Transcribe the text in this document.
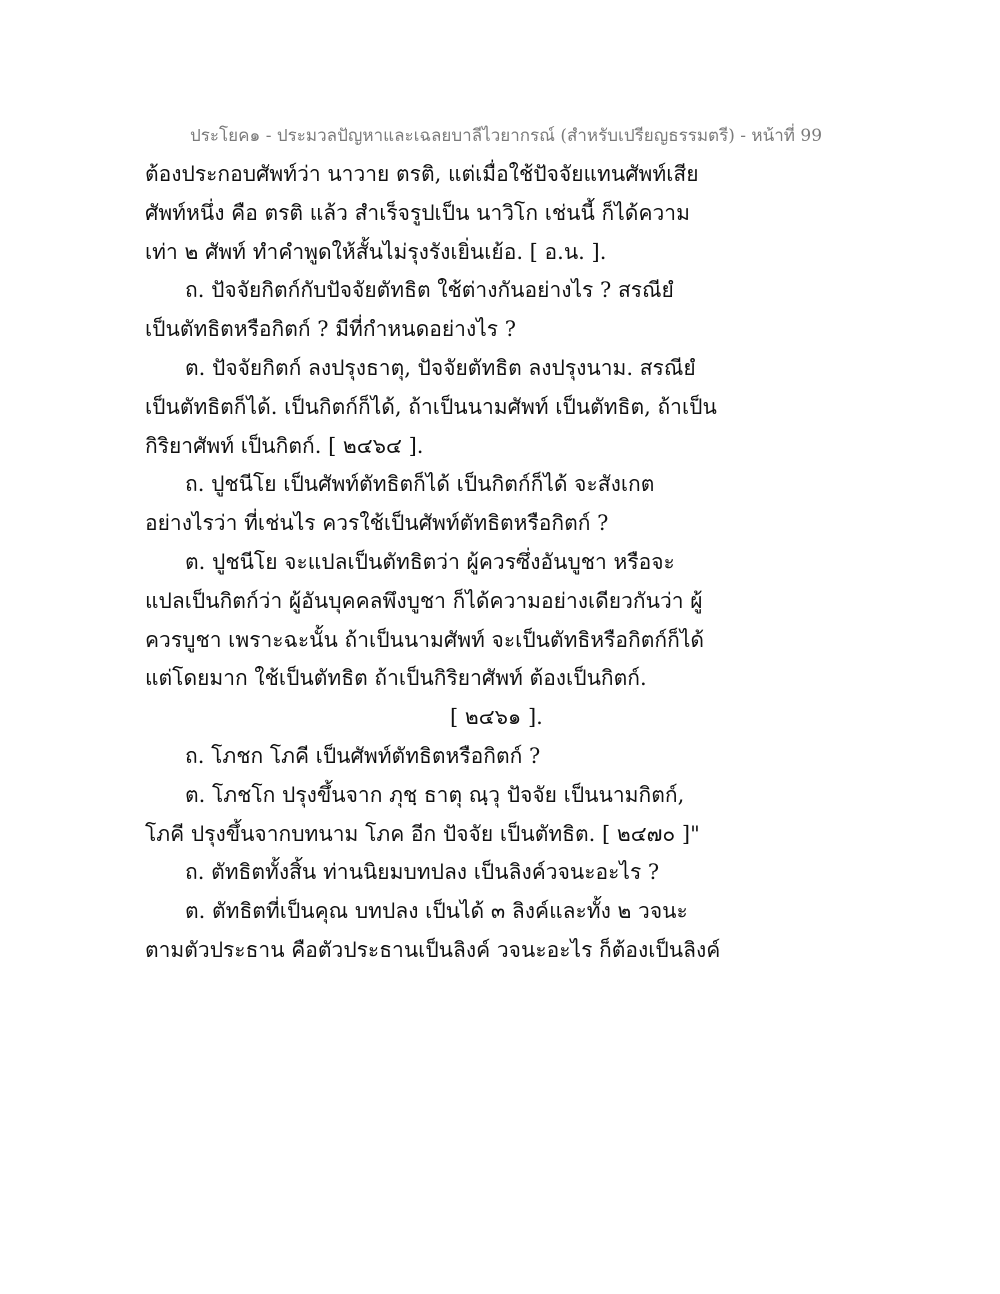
ประโยค๑ - ประมวลปัญหาและเฉลยบาลีไวยากรณ์ (สำหรับเปรียญธรรมตรี) - หน้าที่ 99
ต้องประกอบศัพท์ว่า นาวาย ตรติ, แต่เมื่อใช้ปัจจัยแทนศัพท์เสีย
ศัพท์หนึ่ง คือ ตรติ แล้ว สำเร็จรูปเป็น นาวิโก เช่นนี้ ก็ได้ความ
เท่า ๒ ศัพท์ ทำคำพูดให้สั้นไม่รุงรังเยิ่นเย้อ. [ อ.น. ].
ถ. ปัจจัยกิตก์กับปัจจัยตัทธิต ใช้ต่างกันอย่างไร ? สรณียํ
เป็นตัทธิตหรือกิตก์ ? มีที่กำหนดอย่างไร ?
ต. ปัจจัยกิตก์ ลงปรุงธาตุ, ปัจจัยตัทธิต ลงปรุงนาม. สรณียํ
เป็นตัทธิตก็ได้. เป็นกิตก์ก็ได้, ถ้าเป็นนามศัพท์ เป็นตัทธิต, ถ้าเป็น
กิริยาศัพท์ เป็นกิตก์. [ ๒๔๖๔ ].
ถ. ปูชนีโย เป็นศัพท์ตัทธิตก็ได้ เป็นกิตก์ก็ได้ จะสังเกต
อย่างไรว่า ที่เช่นไร ควรใช้เป็นศัพท์ตัทธิตหรือกิตก์ ?
ต. ปูชนีโย จะแปลเป็นตัทธิตว่า ผู้ควรซึ่งอันบูชา หรือจะ
แปลเป็นกิตก์ว่า ผู้อันบุคคลพึงบูชา ก็ได้ความอย่างเดียวกันว่า ผู้
ควรบูชา เพราะฉะนั้น ถ้าเป็นนามศัพท์ จะเป็นตัทธิหรือกิตก์ก็ได้
แต่โดยมาก ใช้เป็นตัทธิต ถ้าเป็นกิริยาศัพท์ ต้องเป็นกิตก์.
[ ๒๔๖๑ ].
ถ. โภชก โภคี เป็นศัพท์ตัทธิตหรือกิตก์ ?
ต. โภชโก ปรุงขึ้นจาก ภุชฺ ธาตุ ณฺวุ ปัจจัย เป็นนามกิตก์,
โภคี ปรุงขึ้นจากบทนาม โภค อีก ปัจจัย เป็นตัทธิต. [ ๒๔๗๐ ]"
ถ. ตัทธิตทั้งสิ้น ท่านนิยมบทปลง เป็นลิงค์วจนะอะไร ?
ต. ตัทธิตที่เป็นคุณ บทปลง เป็นได้ ๓ ลิงค์และทั้ง ๒ วจนะ
ตามตัวประธาน คือตัวประธานเป็นลิงค์ วจนะอะไร ก็ต้องเป็นลิงค์
